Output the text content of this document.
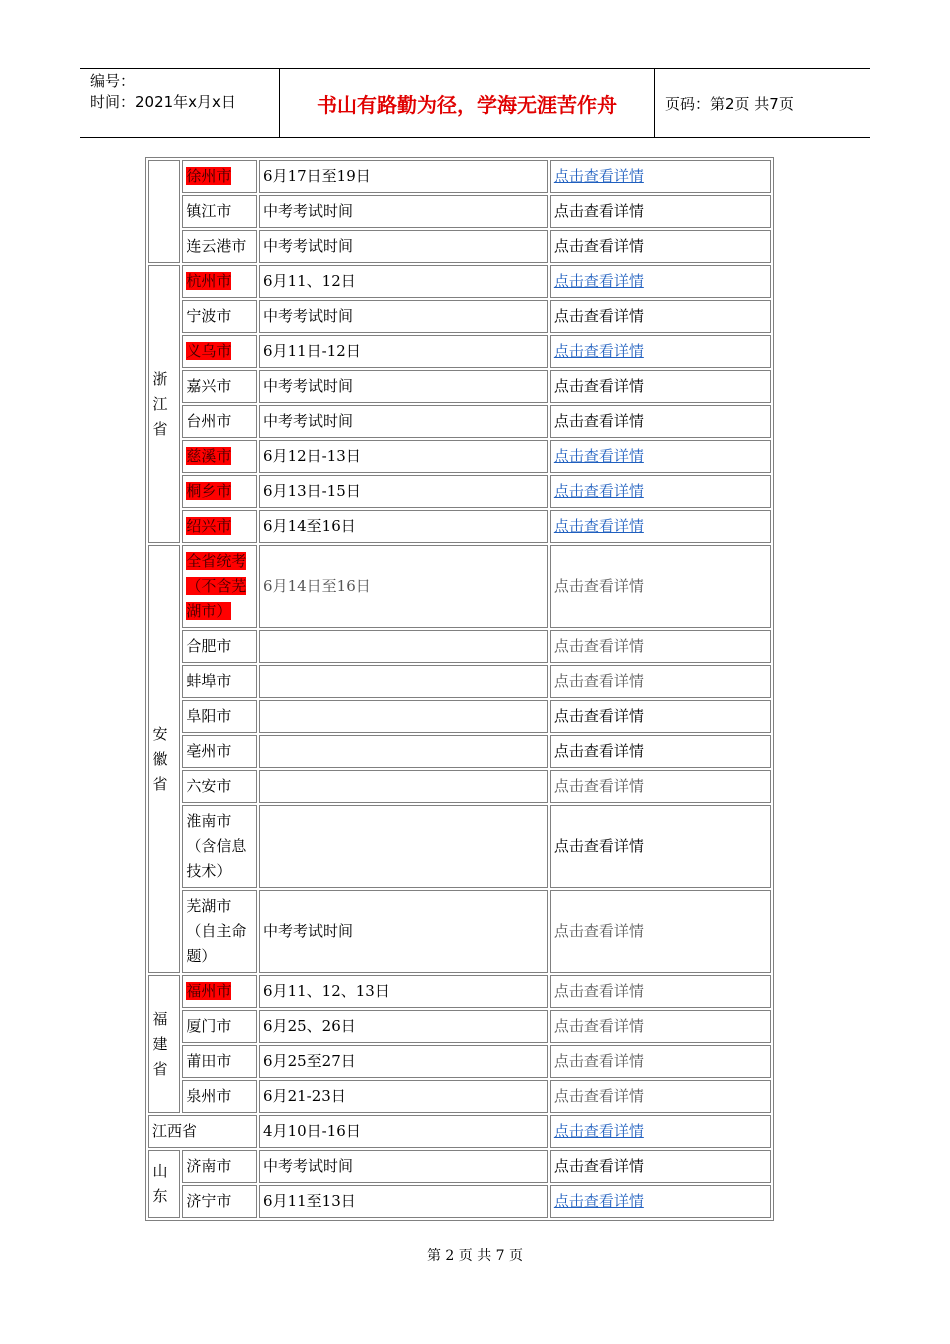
编号：
时间：2021年x月x日	书山有路勤为径，学海无涯苦作舟	页码：第2页 共7页
	徐州市	6月17日至19日	点击查看详情
	镇江市	中考考试时间	点击查看详情
	连云港市	中考考试时间	点击查看详情

浙江省	杭州市	6月11、12日	点击查看详情
	宁波市	中考考试时间	点击查看详情
	义乌市	6月11日-12日	点击查看详情
	嘉兴市	中考考试时间	点击查看详情
	台州市	中考考试时间	点击查看详情
	慈溪市	6月12日-13日	点击查看详情
	桐乡市	6月13日-15日	点击查看详情
	绍兴市	6月14至16日	点击查看详情

安徽省	全省统考（不含芜湖市）	6月14日至16日	点击查看详情
	合肥市		点击查看详情
	蚌埠市		点击查看详情
	阜阳市		点击查看详情
	亳州市		点击查看详情
	六安市		点击查看详情
	淮南市（含信息技术）		点击查看详情
	芜湖市（自主命题）	中考考试时间	点击查看详情

福建省	福州市	6月11、12、13日	点击查看详情
	厦门市	6月25、26日	点击查看详情
	莆田市	6月25至27日	点击查看详情
	泉州市	6月21-23日	点击查看详情
江西省		4月10日-16日	点击查看详情

山东	济南市	中考考试时间	点击查看详情
	济宁市	6月11至13日	点击查看详情
第 2 页 共 7 页
